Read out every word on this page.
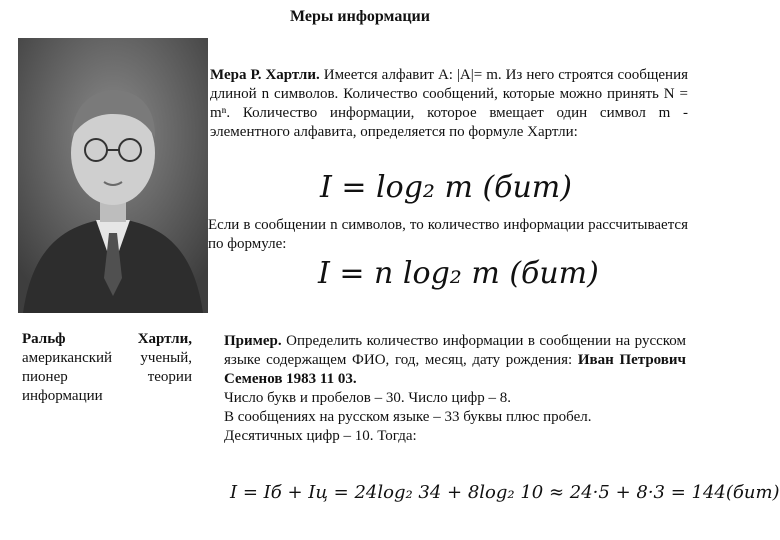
Меры информации
Ральф Хартли, американский ученый, пионер теории информации
Мера Р. Хартли. Имеется алфавит A: |A|= m. Из него строятся сообщения длиной n символов. Количество сообщений, которые можно принять N = mⁿ. Количество информации, которое вмещает один символ m - элементного алфавита, определяется по формуле Хартли:
I = log₂ m (бит)
Если в сообщении n символов, то количество информации рассчитывается по формуле:
I = n log₂ m (бит)
Пример. Определить количество информации в сообщении на русском языке содержащем ФИО, год, месяц, дату рождения: Иван Петрович Семенов 1983 11 03.
Число букв и пробелов – 30. Число цифр – 8.
В сообщениях на русском языке – 33 буквы плюс пробел.
Десятичных цифр – 10. Тогда:
I = Iб + Iц = 24log₂ 34 + 8log₂ 10 ≈ 24·5 + 8·3 = 144(бит)
